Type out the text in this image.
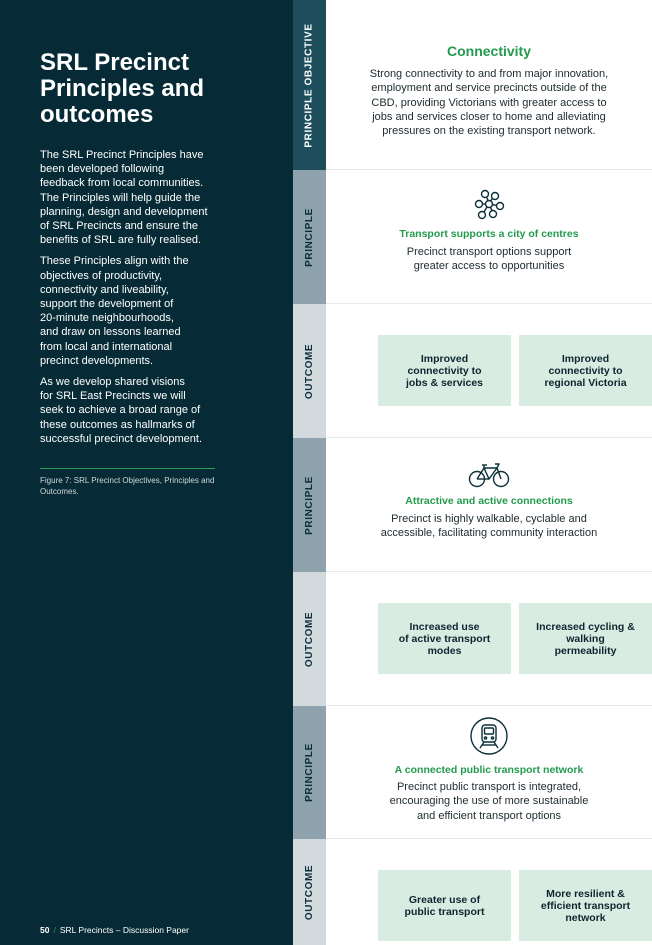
SRL Precinct
Principles and
outcomes

The SRL Precinct Principles have
been developed following
feedback from local communities.
The Principles will help guide the
planning, design and development
of SRL Precincts and ensure the
benefits of SRL are fully realised.

These Principles align with the
objectives of productivity,
connectivity and liveability,
support the development of
20-minute neighbourhoods,
and draw on lessons learned
from local and international
precinct developments.

As we develop shared visions
for SRL East Precincts we will
seek to achieve a broad range of
these outcomes as hallmarks of
successful precinct development.

Figure 7: SRL Precinct Objectives, Principles and Outcomes.
50 / SRL Precincts – Discussion Paper
PRINCIPLE OBJECTIVE	Connectivity
Strong connectivity to and from major innovation,
employment and service precincts outside of the
CBD, providing Victorians with greater access to
jobs and services closer to home and alleviating
pressures on the existing transport network.
PRINCIPLE	Transport supports a city of centres
Precinct transport options support
greater access to opportunities
OUTCOME	Improved
connectivity to
jobs & services
Improved
connectivity to
regional Victoria
PRINCIPLE	Attractive and active connections
Precinct is highly walkable, cyclable and
accessible, facilitating community interaction
OUTCOME	Increased use
of active transport
modes
Increased cycling &
walking
permeability
PRINCIPLE	A connected public transport network
Precinct public transport is integrated,
encouraging the use of more sustainable
and efficient transport options
OUTCOME	Greater use of
public transport
More resilient &
efficient transport
network
